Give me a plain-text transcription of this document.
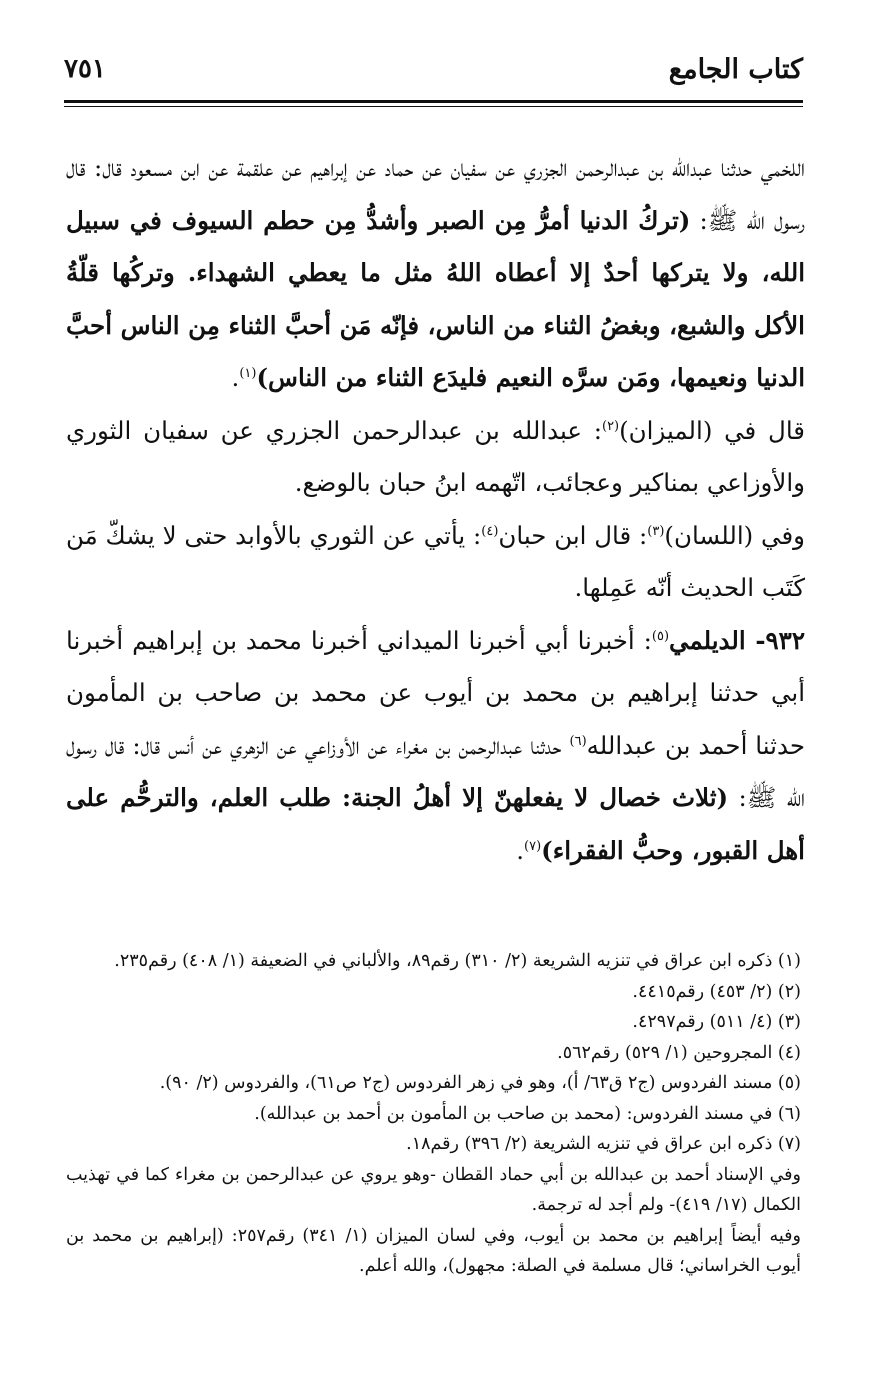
كتاب الجامع
٧٥١

اللخمي حدثنا عبدالله بن عبدالرحمن الجزري عن سفيان عن حماد عن إبراهيم عن علقمة عن ابن مسعود قال: قال رسول الله ﷺ: (تركُ الدنيا أمرُّ مِن الصبر وأشدُّ مِن حطم السيوف في سبيل الله، ولا يتركها أحدٌ إلا أعطاه اللهُ مثل ما يعطي الشهداء. وتركُها قلّةُ الأكل والشبع، وبغضُ الثناء من الناس، فإنّه مَن أحبَّ الثناء مِن الناس أحبَّ الدنيا ونعيمها، ومَن سرَّه النعيم فليدَع الثناء من الناس)$^{(١)}$.

قال في (الميزان)$^{(٢)}$: عبدالله بن عبدالرحمن الجزري عن سفيان الثوري والأوزاعي بمناكير وعجائب، اتّهمه ابنُ حبان بالوضع.

وفي (اللسان)$^{(٣)}$: قال ابن حبان$^{(٤)}$: يأتي عن الثوري بالأوابد حتى لا يشكّ مَن كَتَب الحديث أنّه عَمِلها.

٩٣٢- الديلمي$^{(٥)}$: أخبرنا أبي أخبرنا الميداني أخبرنا محمد بن إبراهيم أخبرنا أبي حدثنا إبراهيم بن محمد بن أيوب عن محمد بن صاحب بن المأمون حدثنا أحمد بن عبدالله$^{(٦)}$ حدثنا عبدالرحمن بن مغراء عن الأوزاعي عن الزهري عن أنس قال: قال رسول الله ﷺ: (ثلاث خصال لا يفعلهنّ إلا أهلُ الجنة: طلب العلم، والترحُّم على أهل القبور، وحبُّ الفقراء)$^{(٧)}$.

(١) ذكره ابن عراق في تنزيه الشريعة (٢/ ٣١٠) رقم٨٩، والألباني في الضعيفة (١/ ٤٠٨) رقم٢٣٥.

(٢) (٢/ ٤٥٣) رقم٤٤١٥.

(٣) (٤/ ٥١١) رقم٤٢٩٧.

(٤) المجروحين (١/ ٥٢٩) رقم٥٦٢.

(٥) مسند الفردوس (ج٢ ق٦٣/ أ)، وهو في زهر الفردوس (ج٢ ص٦١)، والفردوس (٢/ ٩٠).

(٦) في مسند الفردوس: (محمد بن صاحب بن المأمون بن أحمد بن عبدالله).

(٧) ذكره ابن عراق في تنزيه الشريعة (٢/ ٣٩٦) رقم١٨.

وفي الإسناد أحمد بن عبدالله بن أبي حماد القطان -وهو يروي عن عبدالرحمن بن مغراء كما في تهذيب الكمال (١٧/ ٤١٩)- ولم أجد له ترجمة.

وفيه أيضاً إبراهيم بن محمد بن أيوب، وفي لسان الميزان (١/ ٣٤١) رقم٢٥٧: (إبراهيم بن محمد بن أيوب الخراساني؛ قال مسلمة في الصلة: مجهول)، والله أعلم.
